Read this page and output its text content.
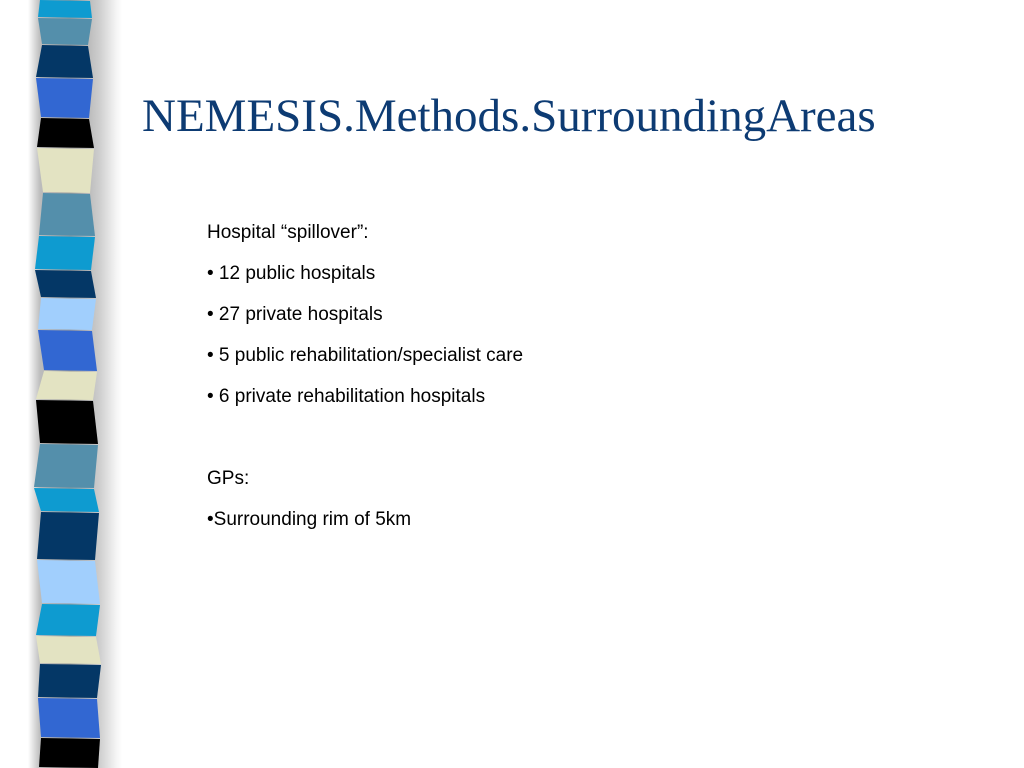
NEMESIS.Methods.SurroundingAreas
Hospital “spillover”:
• 12 public hospitals
• 27 private hospitals
• 5 public rehabilitation/specialist care
• 6 private rehabilitation hospitals
GPs:
•Surrounding rim of 5km
